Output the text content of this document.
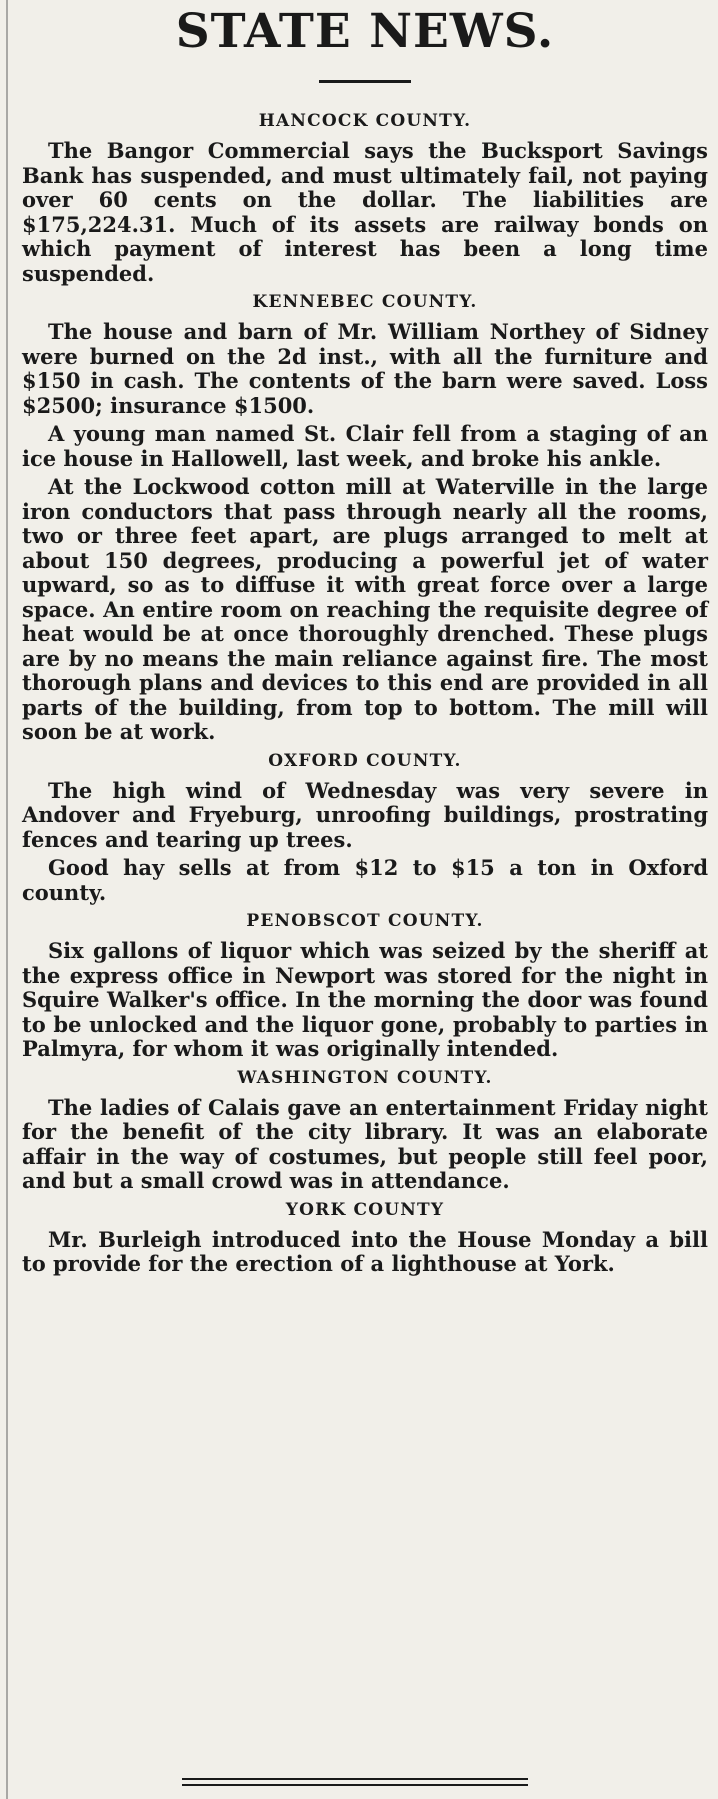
STATE NEWS.
HANCOCK COUNTY.

The Bangor Commercial says the Bucksport Savings Bank has suspended, and must ultimately fail, not paying over 60 cents on the dollar. The liabilities are $175,224.31. Much of its assets are railway bonds on which payment of interest has been a long time suspended.

KENNEBEC COUNTY.

The house and barn of Mr. William Northey of Sidney were burned on the 2d inst., with all the furniture and $150 in cash. The contents of the barn were saved. Loss $2500; insurance $1500.

A young man named St. Clair fell from a staging of an ice house in Hallowell, last week, and broke his ankle.

At the Lockwood cotton mill at Waterville in the large iron conductors that pass through nearly all the rooms, two or three feet apart, are plugs arranged to melt at about 150 degrees, producing a powerful jet of water upward, so as to diffuse it with great force over a large space. An entire room on reaching the requisite degree of heat would be at once thoroughly drenched. These plugs are by no means the main reliance against fire. The most thorough plans and devices to this end are provided in all parts of the building, from top to bottom. The mill will soon be at work.

OXFORD COUNTY.

The high wind of Wednesday was very severe in Andover and Fryeburg, unroofing buildings, prostrating fences and tearing up trees.

Good hay sells at from $12 to $15 a ton in Oxford county.

PENOBSCOT COUNTY.

Six gallons of liquor which was seized by the sheriff at the express office in Newport was stored for the night in Squire Walker's office. In the morning the door was found to be unlocked and the liquor gone, probably to parties in Palmyra, for whom it was originally intended.

WASHINGTON COUNTY.

The ladies of Calais gave an entertainment Friday night for the benefit of the city library. It was an elaborate affair in the way of costumes, but people still feel poor, and but a small crowd was in attendance.

YORK COUNTY

Mr. Burleigh introduced into the House Monday a bill to provide for the erection of a lighthouse at York.
